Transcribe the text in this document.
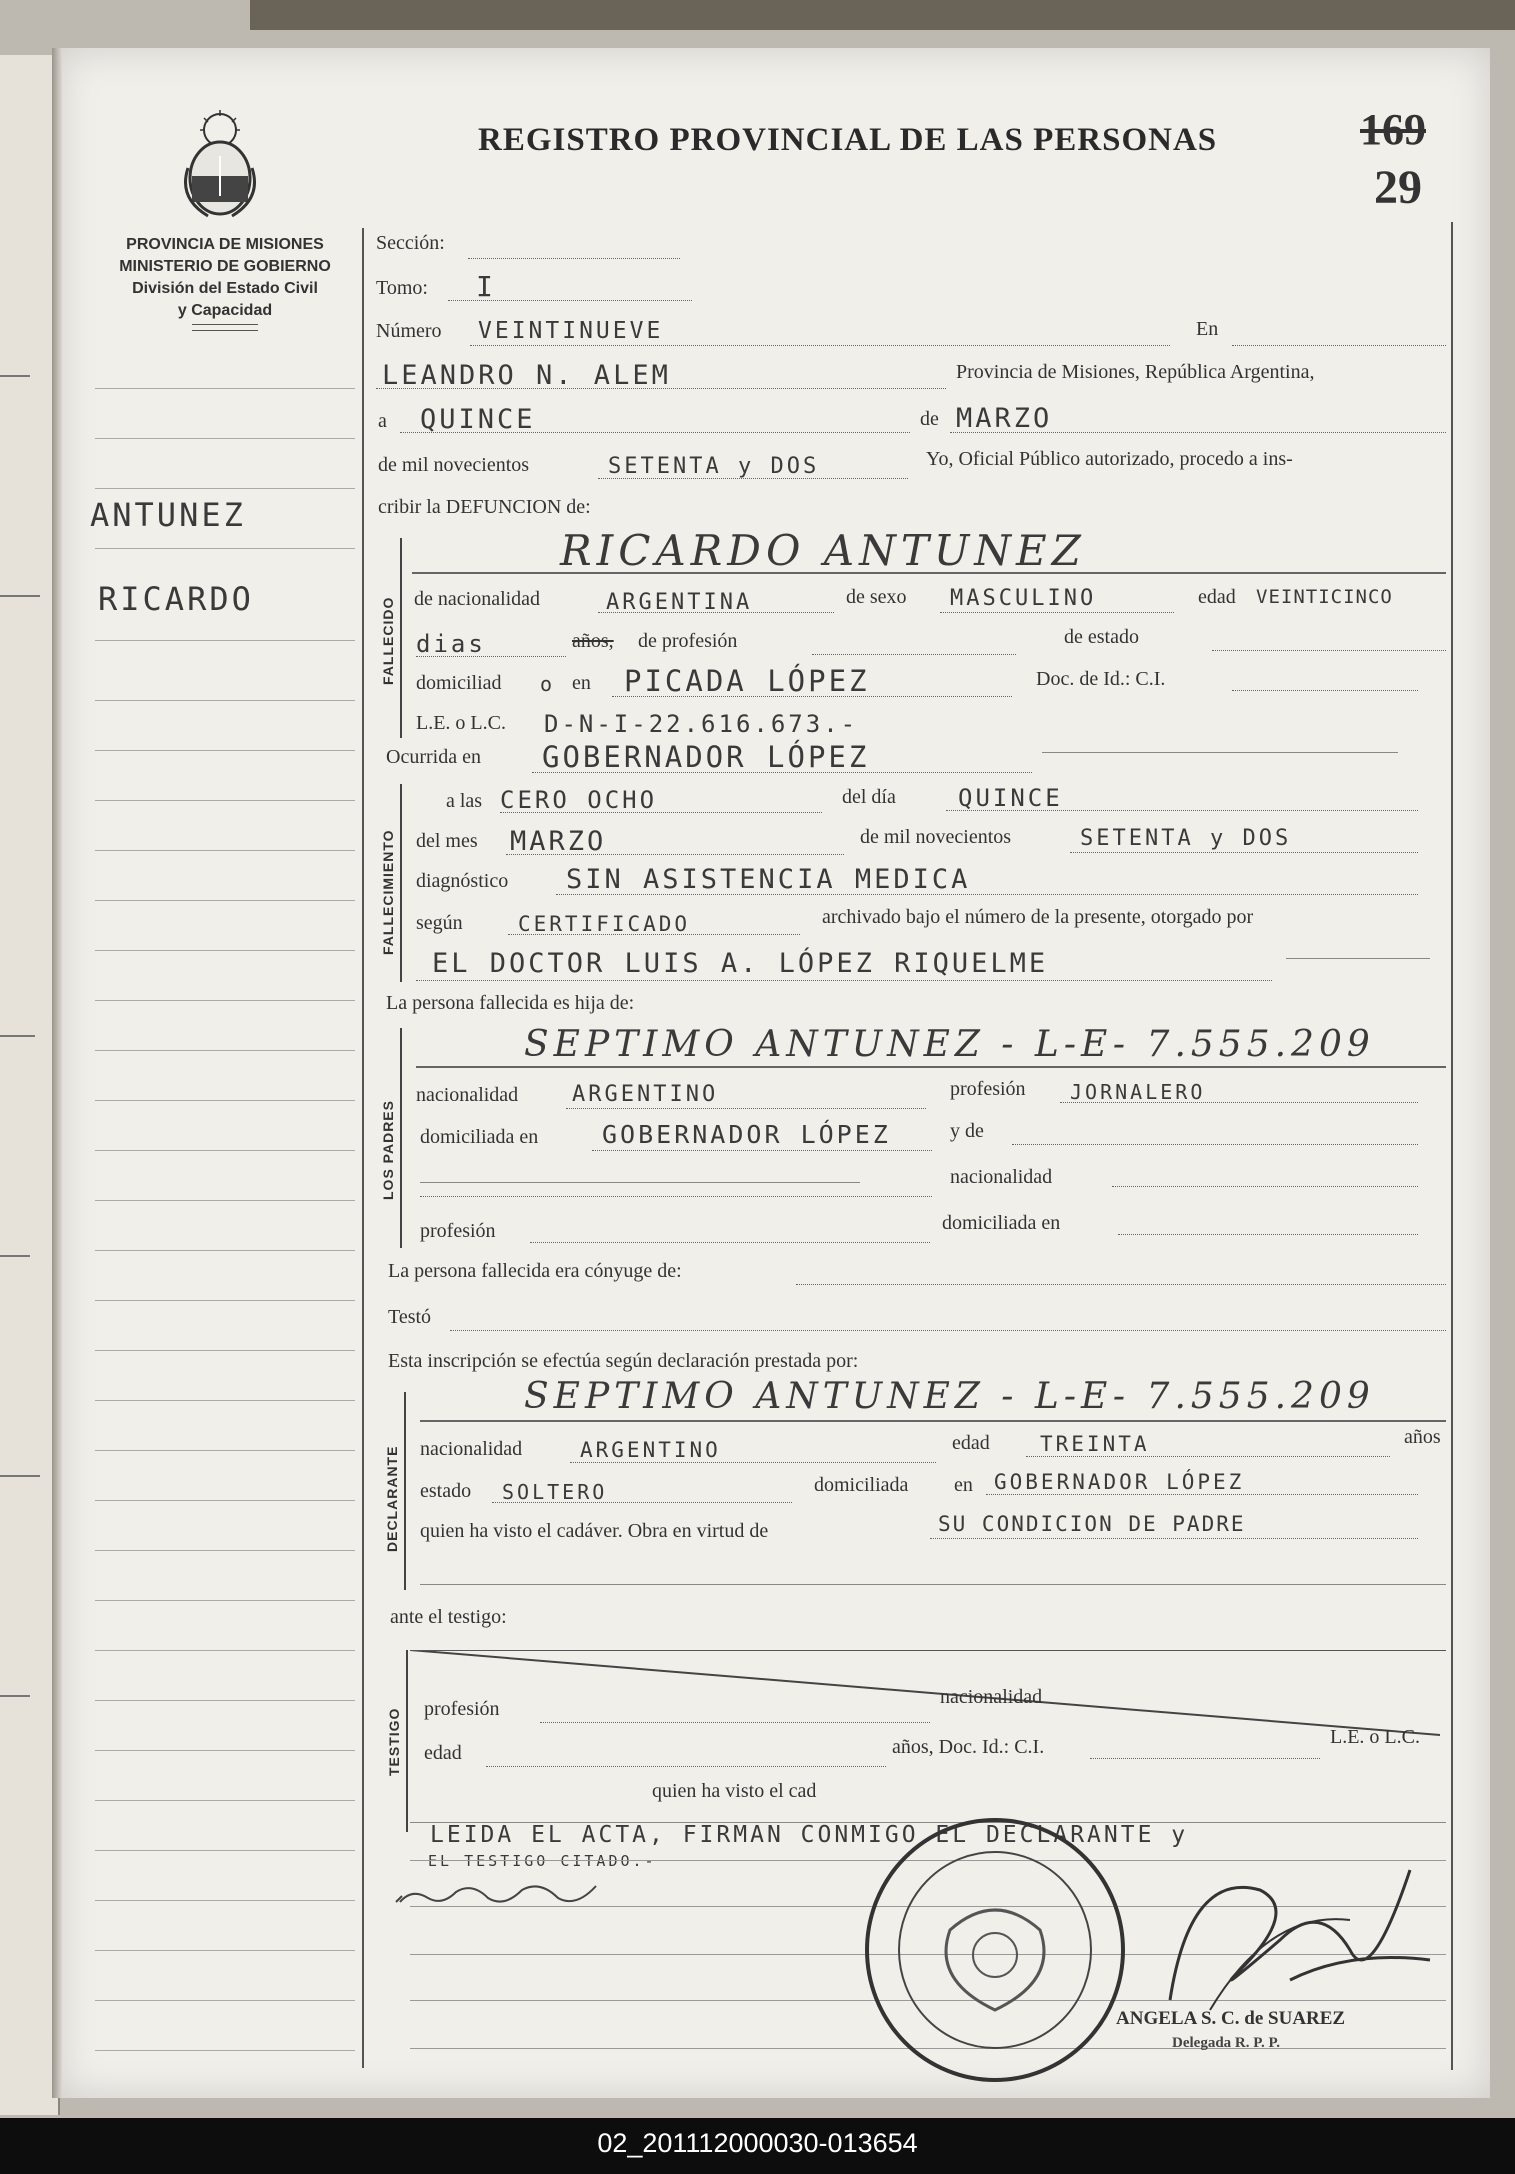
REGISTRO PROVINCIAL DE LAS PERSONAS	169
29
PROVINCIA DE MISIONES
MINISTERIO DE GOBIERNO
División del Estado Civil
y Capacidad
ANTUNEZ
RICARDO
Sección:
Tomo: I
Número VEINTINUEVE	En
LEANDRO N. ALEM	Provincia de Misiones, República Argentina,
a QUINCE	de MARZO
de mil novecientos	SETENTA y DOS	Yo, Oficial Público autorizado, procedo a ins-
cribir la DEFUNCION de:
FALLECIDO
RICARDO ANTUNEZ
de nacionalidad	ARGENTINA	de sexo MASCULINO	edad VEINTICINCO
dias	años, de profesión	de estado
domiciliad o en PICADA LÓPEZ	Doc. de Id.: C.I.
L.E. o L.C. D-N-I-22.616.673.-
Ocurrida en GOBERNADOR LÓPEZ
FALLECIMIENTO
a las CERO OCHO	del día	QUINCE
del mes MARZO	de mil novecientos	SETENTA y DOS
diagnóstico SIN ASISTENCIA MEDICA
según	CERTIFICADO	archivado bajo el número de la presente, otorgado por
EL DOCTOR LUIS A. LÓPEZ RIQUELME
La persona fallecida es hija de:
LOS PADRES
SEPTIMO ANTUNEZ - L-E- 7.555.209
nacionalidad ARGENTINO	profesión JORNALERO
domiciliada en	GOBERNADOR LÓPEZ	y de
nacionalidad
profesión	domiciliada en
La persona fallecida era cónyuge de:
Testó
Esta inscripción se efectúa según declaración prestada por:
DECLARANTE
SEPTIMO ANTUNEZ - L-E- 7.555.209
nacionalidad	ARGENTINO	edad TREINTA	años
estado SOLTERO	domiciliada en GOBERNADOR LÓPEZ
quien ha visto el cadáver. Obra en virtud de	SU CONDICION DE PADRE
ante el testigo:
TESTIGO profesión
nacionalidad
edad	años, Doc. Id.: C.I.	L.E. o L.C.
quien ha visto el cad
LEIDA EL ACTA, FIRMAN CONMIGO EL DECLARANTE y
EL TESTIGO CITADO.-
ANGELA S. C. de SUAREZ
Delegada R. P. P.
02_201112000030-013654
